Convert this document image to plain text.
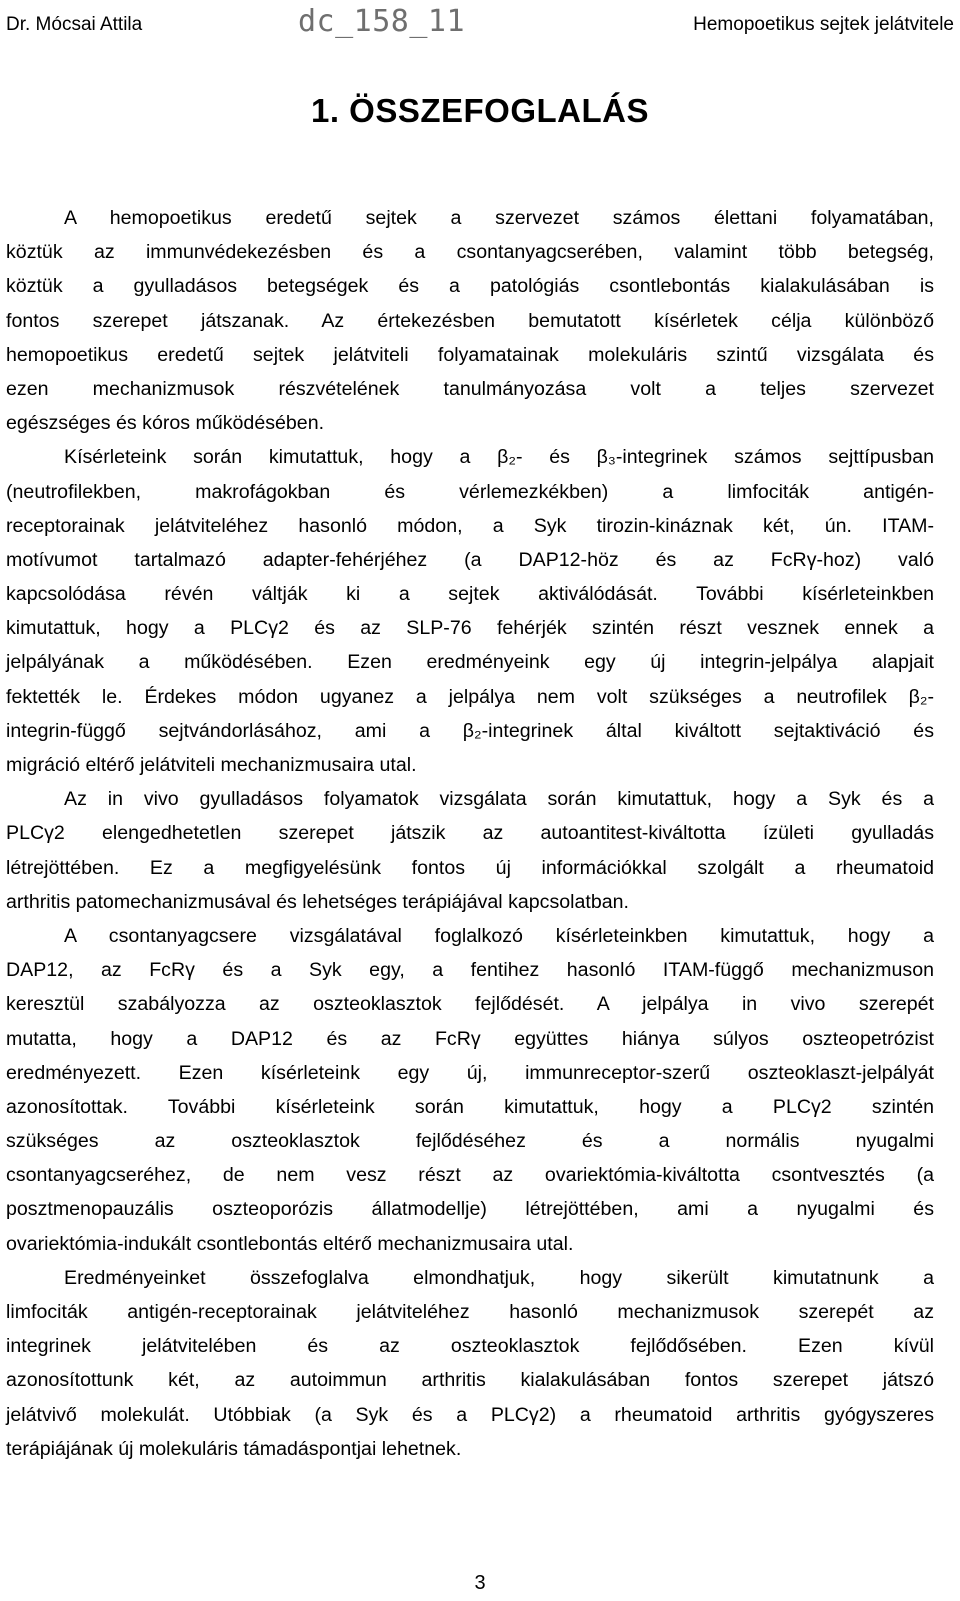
Dr. Mócsai Attila	dc_158_11	Hemopoetikus sejtek jelátvitele
1. ÖSSZEFOGLALÁS
A hemopoetikus eredetű sejtek a szervezet számos élettani folyamatában,
köztük az immunvédekezésben és a csontanyagcserében, valamint több betegség,
köztük a gyulladásos betegségek és a patológiás csontlebontás kialakulásában is
fontos szerepet játszanak. Az értekezésben bemutatott kísérletek célja különböző
hemopoetikus eredetű sejtek jelátviteli folyamatainak molekuláris szintű vizsgálata és
ezen mechanizmusok részvételének tanulmányozása volt a teljes szervezet
egészséges és kóros működésében.
Kísérleteink során kimutattuk, hogy a β₂- és β₃-integrinek számos sejttípusban
(neutrofilekben, makrofágokban és vérlemezkékben) a limfociták antigén-
receptorainak jelátviteléhez hasonló módon, a Syk tirozin-kináznak két, ún. ITAM-
motívumot tartalmazó adapter-fehérjéhez (a DAP12-höz és az FcRγ-hoz) való
kapcsolódása révén váltják ki a sejtek aktiválódását. További kísérleteinkben
kimutattuk, hogy a PLCγ2 és az SLP-76 fehérjék szintén részt vesznek ennek a
jelpályának a működésében. Ezen eredményeink egy új integrin-jelpálya alapjait
fektették le. Érdekes módon ugyanez a jelpálya nem volt szükséges a neutrofilek β₂-
integrin-függő sejtvándorlásához, ami a β₂-integrinek által kiváltott sejtaktiváció és
migráció eltérő jelátviteli mechanizmusaira utal.
Az in vivo gyulladásos folyamatok vizsgálata során kimutattuk, hogy a Syk és a
PLCγ2 elengedhetetlen szerepet játszik az autoantitest-kiváltotta ízületi gyulladás
létrejöttében. Ez a megfigyelésünk fontos új információkkal szolgált a rheumatoid
arthritis patomechanizmusával és lehetséges terápiájával kapcsolatban.
A csontanyagcsere vizsgálatával foglalkozó kísérleteinkben kimutattuk, hogy a
DAP12, az FcRγ és a Syk egy, a fentihez hasonló ITAM-függő mechanizmuson
keresztül szabályozza az oszteoklasztok fejlődését. A jelpálya in vivo szerepét
mutatta, hogy a DAP12 és az FcRγ együttes hiánya súlyos oszteopetrózist
eredményezett. Ezen kísérleteink egy új, immunreceptor-szerű oszteoklaszt-jelpályát
azonosítottak. További kísérleteink során kimutattuk, hogy a PLCγ2 szintén
szükséges az oszteoklasztok fejlődéséhez és a normális nyugalmi
csontanyagcseréhez, de nem vesz részt az ovariektómia-kiváltotta csontvesztés (a
posztmenopauzális oszteoporózis állatmodellje) létrejöttében, ami a nyugalmi és
ovariektómia-indukált csontlebontás eltérő mechanizmusaira utal.
Eredményeinket összefoglalva elmondhatjuk, hogy sikerült kimutatnunk a
limfociták antigén-receptorainak jelátviteléhez hasonló mechanizmusok szerepét az
integrinek jelátvitelében és az oszteoklasztok fejlődősében. Ezen kívül
azonosítottunk két, az autoimmun arthritis kialakulásában fontos szerepet játszó
jelátvivő molekulát. Utóbbiak (a Syk és a PLCγ2) a rheumatoid arthritis gyógyszeres
terápiájának új molekuláris támadáspontjai lehetnek.
3
